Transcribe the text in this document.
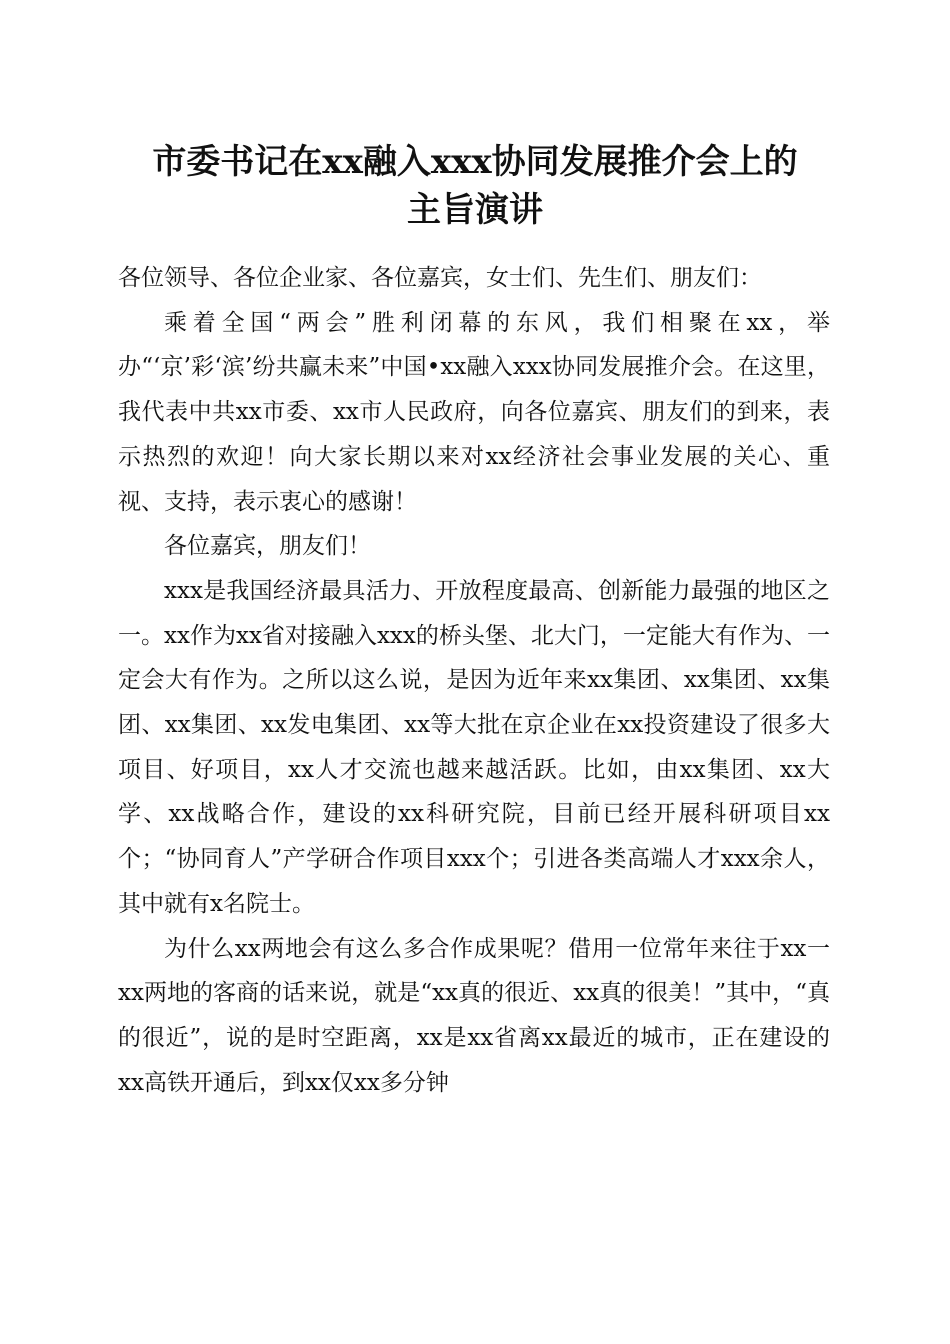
市委书记在xx融入xxx协同发展推介会上的
主旨演讲

各位领导、各位企业家、各位嘉宾，女士们、先生们、朋友们：

乘着全国“两会”胜利闭幕的东风，我们相聚在xx，举办“‘京’彩‘滨’纷共赢未来”中国•xx融入xxx协同发展推介会。在这里，我代表中共xx市委、xx市人民政府，向各位嘉宾、朋友们的到来，表示热烈的欢迎！向大家长期以来对xx经济社会事业发展的关心、重视、支持，表示衷心的感谢！

各位嘉宾，朋友们！

xxx是我国经济最具活力、开放程度最高、创新能力最强的地区之一。xx作为xx省对接融入xxx的桥头堡、北大门，一定能大有作为、一定会大有作为。之所以这么说，是因为近年来xx集团、xx集团、xx集团、xx集团、xx发电集团、xx等大批在京企业在xx投资建设了很多大项目、好项目，xx人才交流也越来越活跃。比如，由xx集团、xx大学、xx战略合作，建设的xx科研究院，目前已经开展科研项目xx个；“协同育人”产学研合作项目xxx个；引进各类高端人才xxx余人，其中就有x名院士。

为什么xx两地会有这么多合作成果呢？借用一位常年来往于xx一xx两地的客商的话来说，就是“xx真的很近、xx真的很美！”其中，“真的很近”，说的是时空距离，xx是xx省离xx最近的城市，正在建设的xx高铁开通后，到xx仅xx多分钟
